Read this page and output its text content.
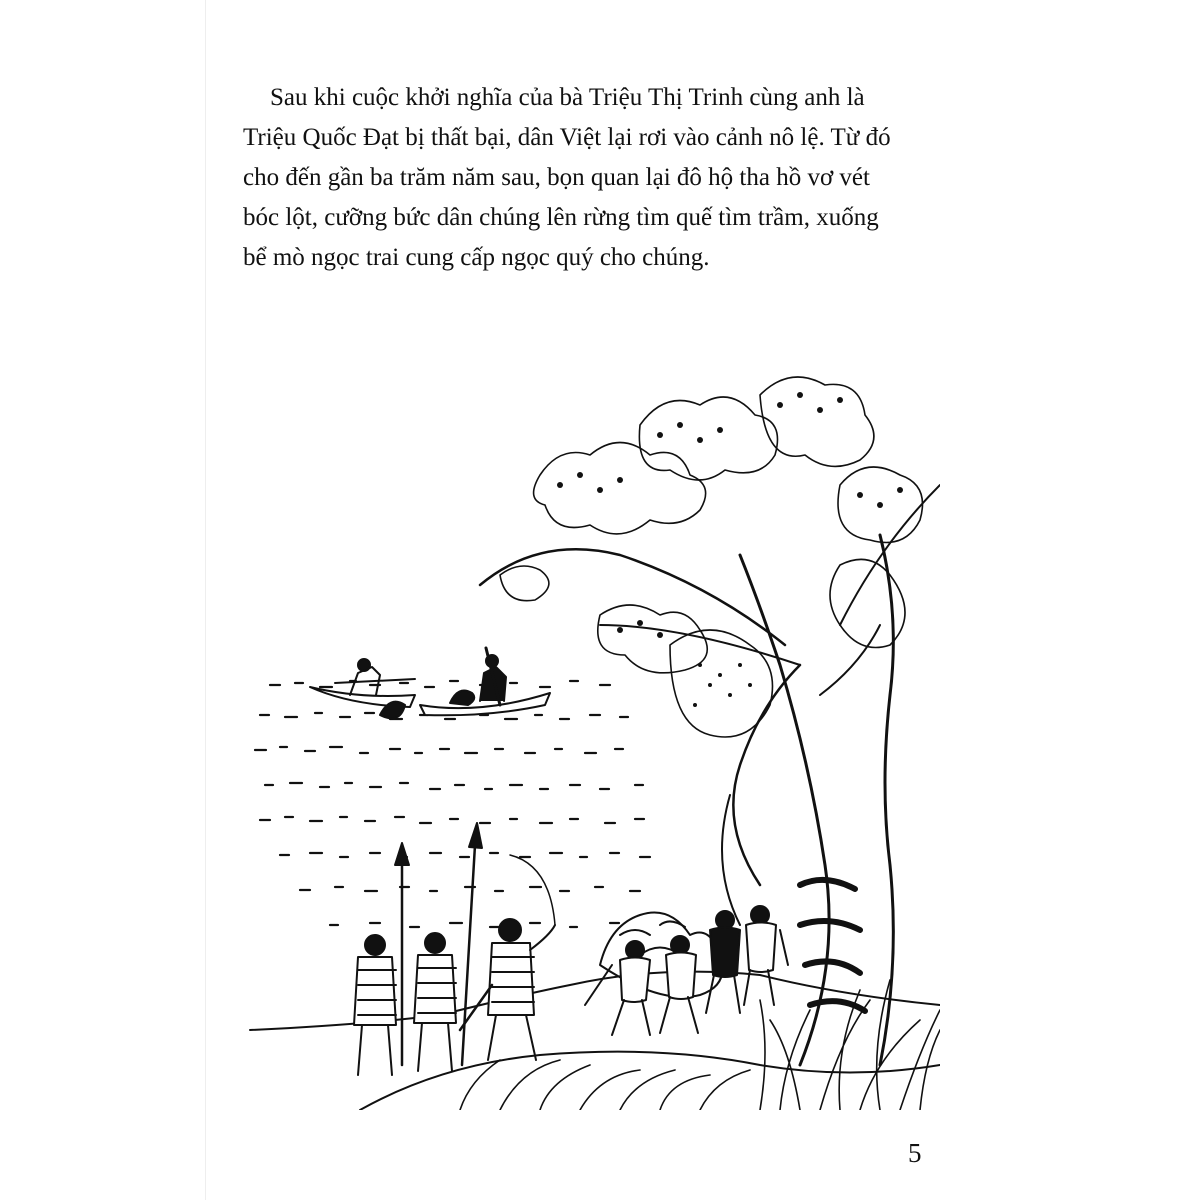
Sau khi cuộc khởi nghĩa của bà Triệu Thị Trinh cùng anh là
Triệu Quốc Đạt bị thất bại, dân Việt lại rơi vào cảnh nô lệ. Từ đó
cho đến gần ba trăm năm sau, bọn quan lại đô hộ tha hồ vơ vét
bóc lột, cưỡng bức dân chúng lên rừng tìm quế tìm trầm, xuống
bể mò ngọc trai cung cấp ngọc quý cho chúng.

5
